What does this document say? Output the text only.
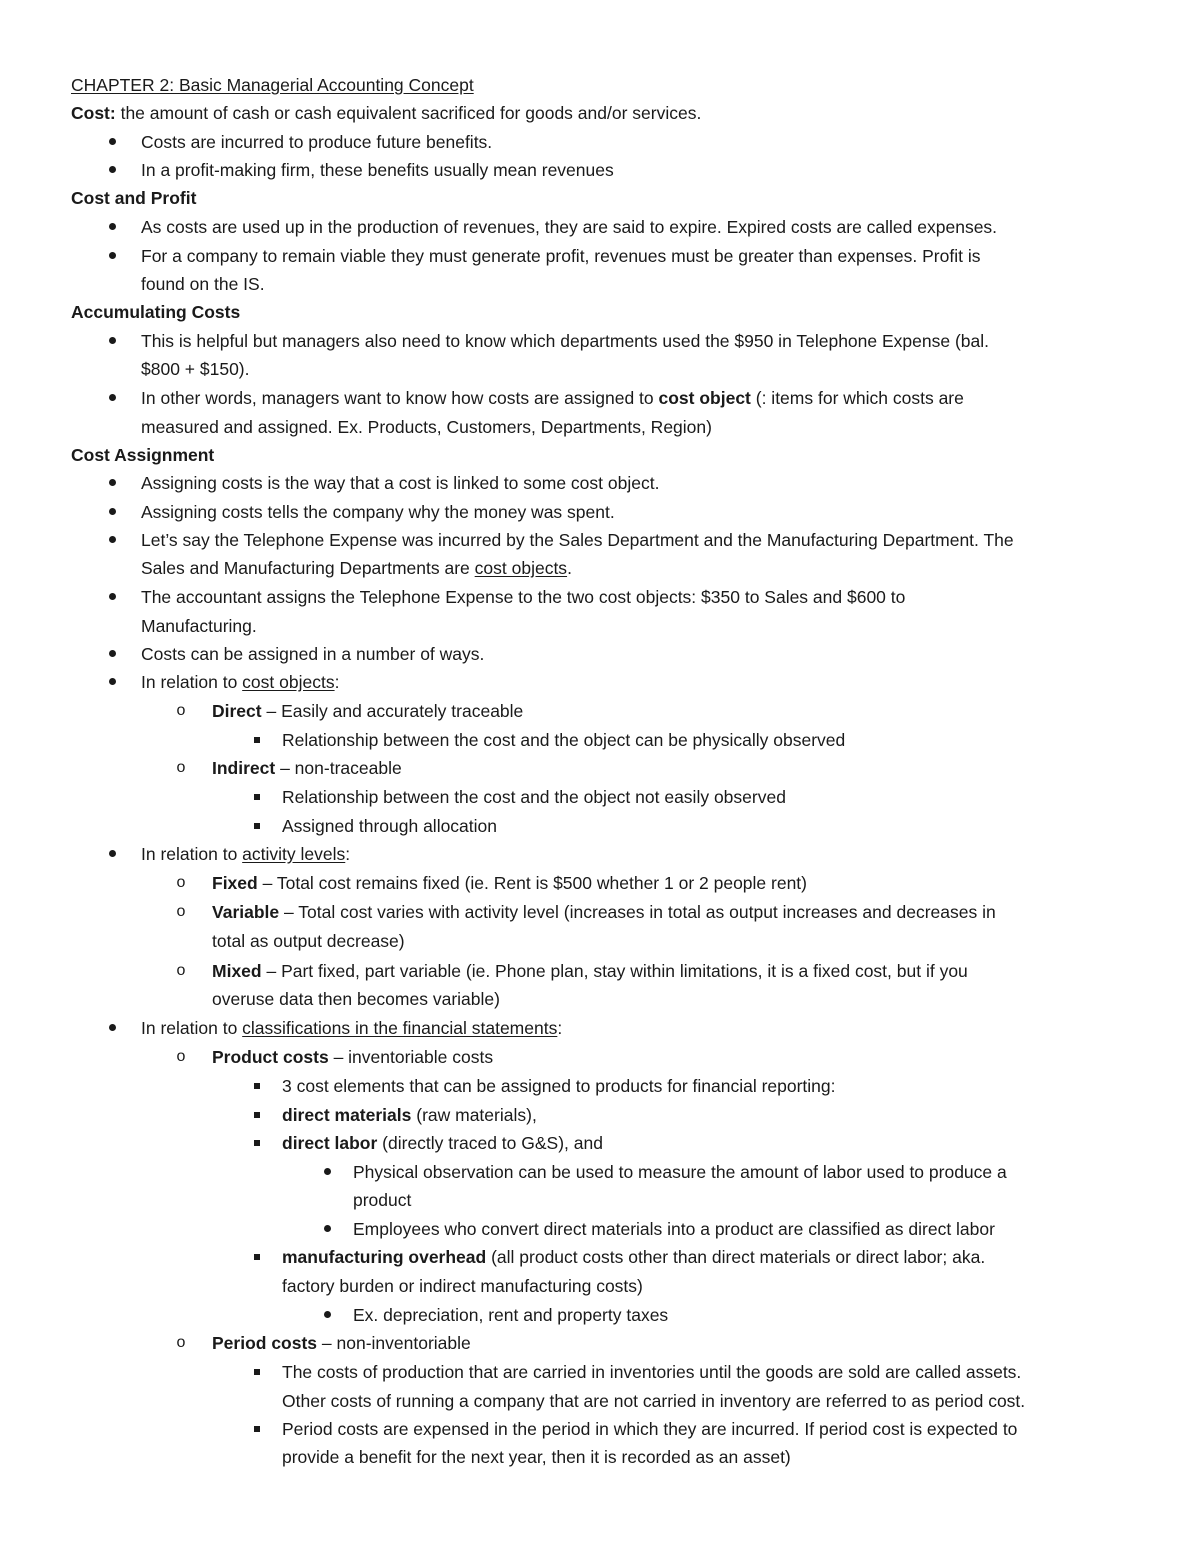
CHAPTER 2: Basic Managerial Accounting Concept
Cost: the amount of cash or cash equivalent sacrificed for goods and/or services.
Costs are incurred to produce future benefits.
In a profit-making firm, these benefits usually mean revenues
Cost and Profit
As costs are used up in the production of revenues, they are said to expire. Expired costs are called expenses.
For a company to remain viable they must generate profit, revenues must be greater than expenses. Profit is
found on the IS.
Accumulating Costs
This is helpful but managers also need to know which departments used the $950 in Telephone Expense (bal.
$800 + $150).
In other words, managers want to know how costs are assigned to cost object (: items for which costs are
measured and assigned. Ex. Products, Customers, Departments, Region)
Cost Assignment
Assigning costs is the way that a cost is linked to some cost object.
Assigning costs tells the company why the money was spent.
Let’s say the Telephone Expense was incurred by the Sales Department and the Manufacturing Department. The
Sales and Manufacturing Departments are cost objects.
The accountant assigns the Telephone Expense to the two cost objects: $350 to Sales and $600 to
Manufacturing.
Costs can be assigned in a number of ways.
In relation to cost objects:
o Direct – Easily and accurately traceable
Relationship between the cost and the object can be physically observed
o Indirect – non-traceable
Relationship between the cost and the object not easily observed
Assigned through allocation
In relation to activity levels:
o Fixed – Total cost remains fixed (ie. Rent is $500 whether 1 or 2 people rent)
o Variable – Total cost varies with activity level (increases in total as output increases and decreases in
total as output decrease)
o Mixed – Part fixed, part variable (ie. Phone plan, stay within limitations, it is a fixed cost, but if you
overuse data then becomes variable)
In relation to classifications in the financial statements:
o Product costs – inventoriable costs
3 cost elements that can be assigned to products for financial reporting:
direct materials (raw materials),
direct labor (directly traced to G&S), and
Physical observation can be used to measure the amount of labor used to produce a
product
Employees who convert direct materials into a product are classified as direct labor
manufacturing overhead (all product costs other than direct materials or direct labor; aka.
factory burden or indirect manufacturing costs)
Ex. depreciation, rent and property taxes
o Period costs – non-inventoriable
The costs of production that are carried in inventories until the goods are sold are called assets.
Other costs of running a company that are not carried in inventory are referred to as period cost.
Period costs are expensed in the period in which they are incurred. If period cost is expected to
provide a benefit for the next year, then it is recorded as an asset)
